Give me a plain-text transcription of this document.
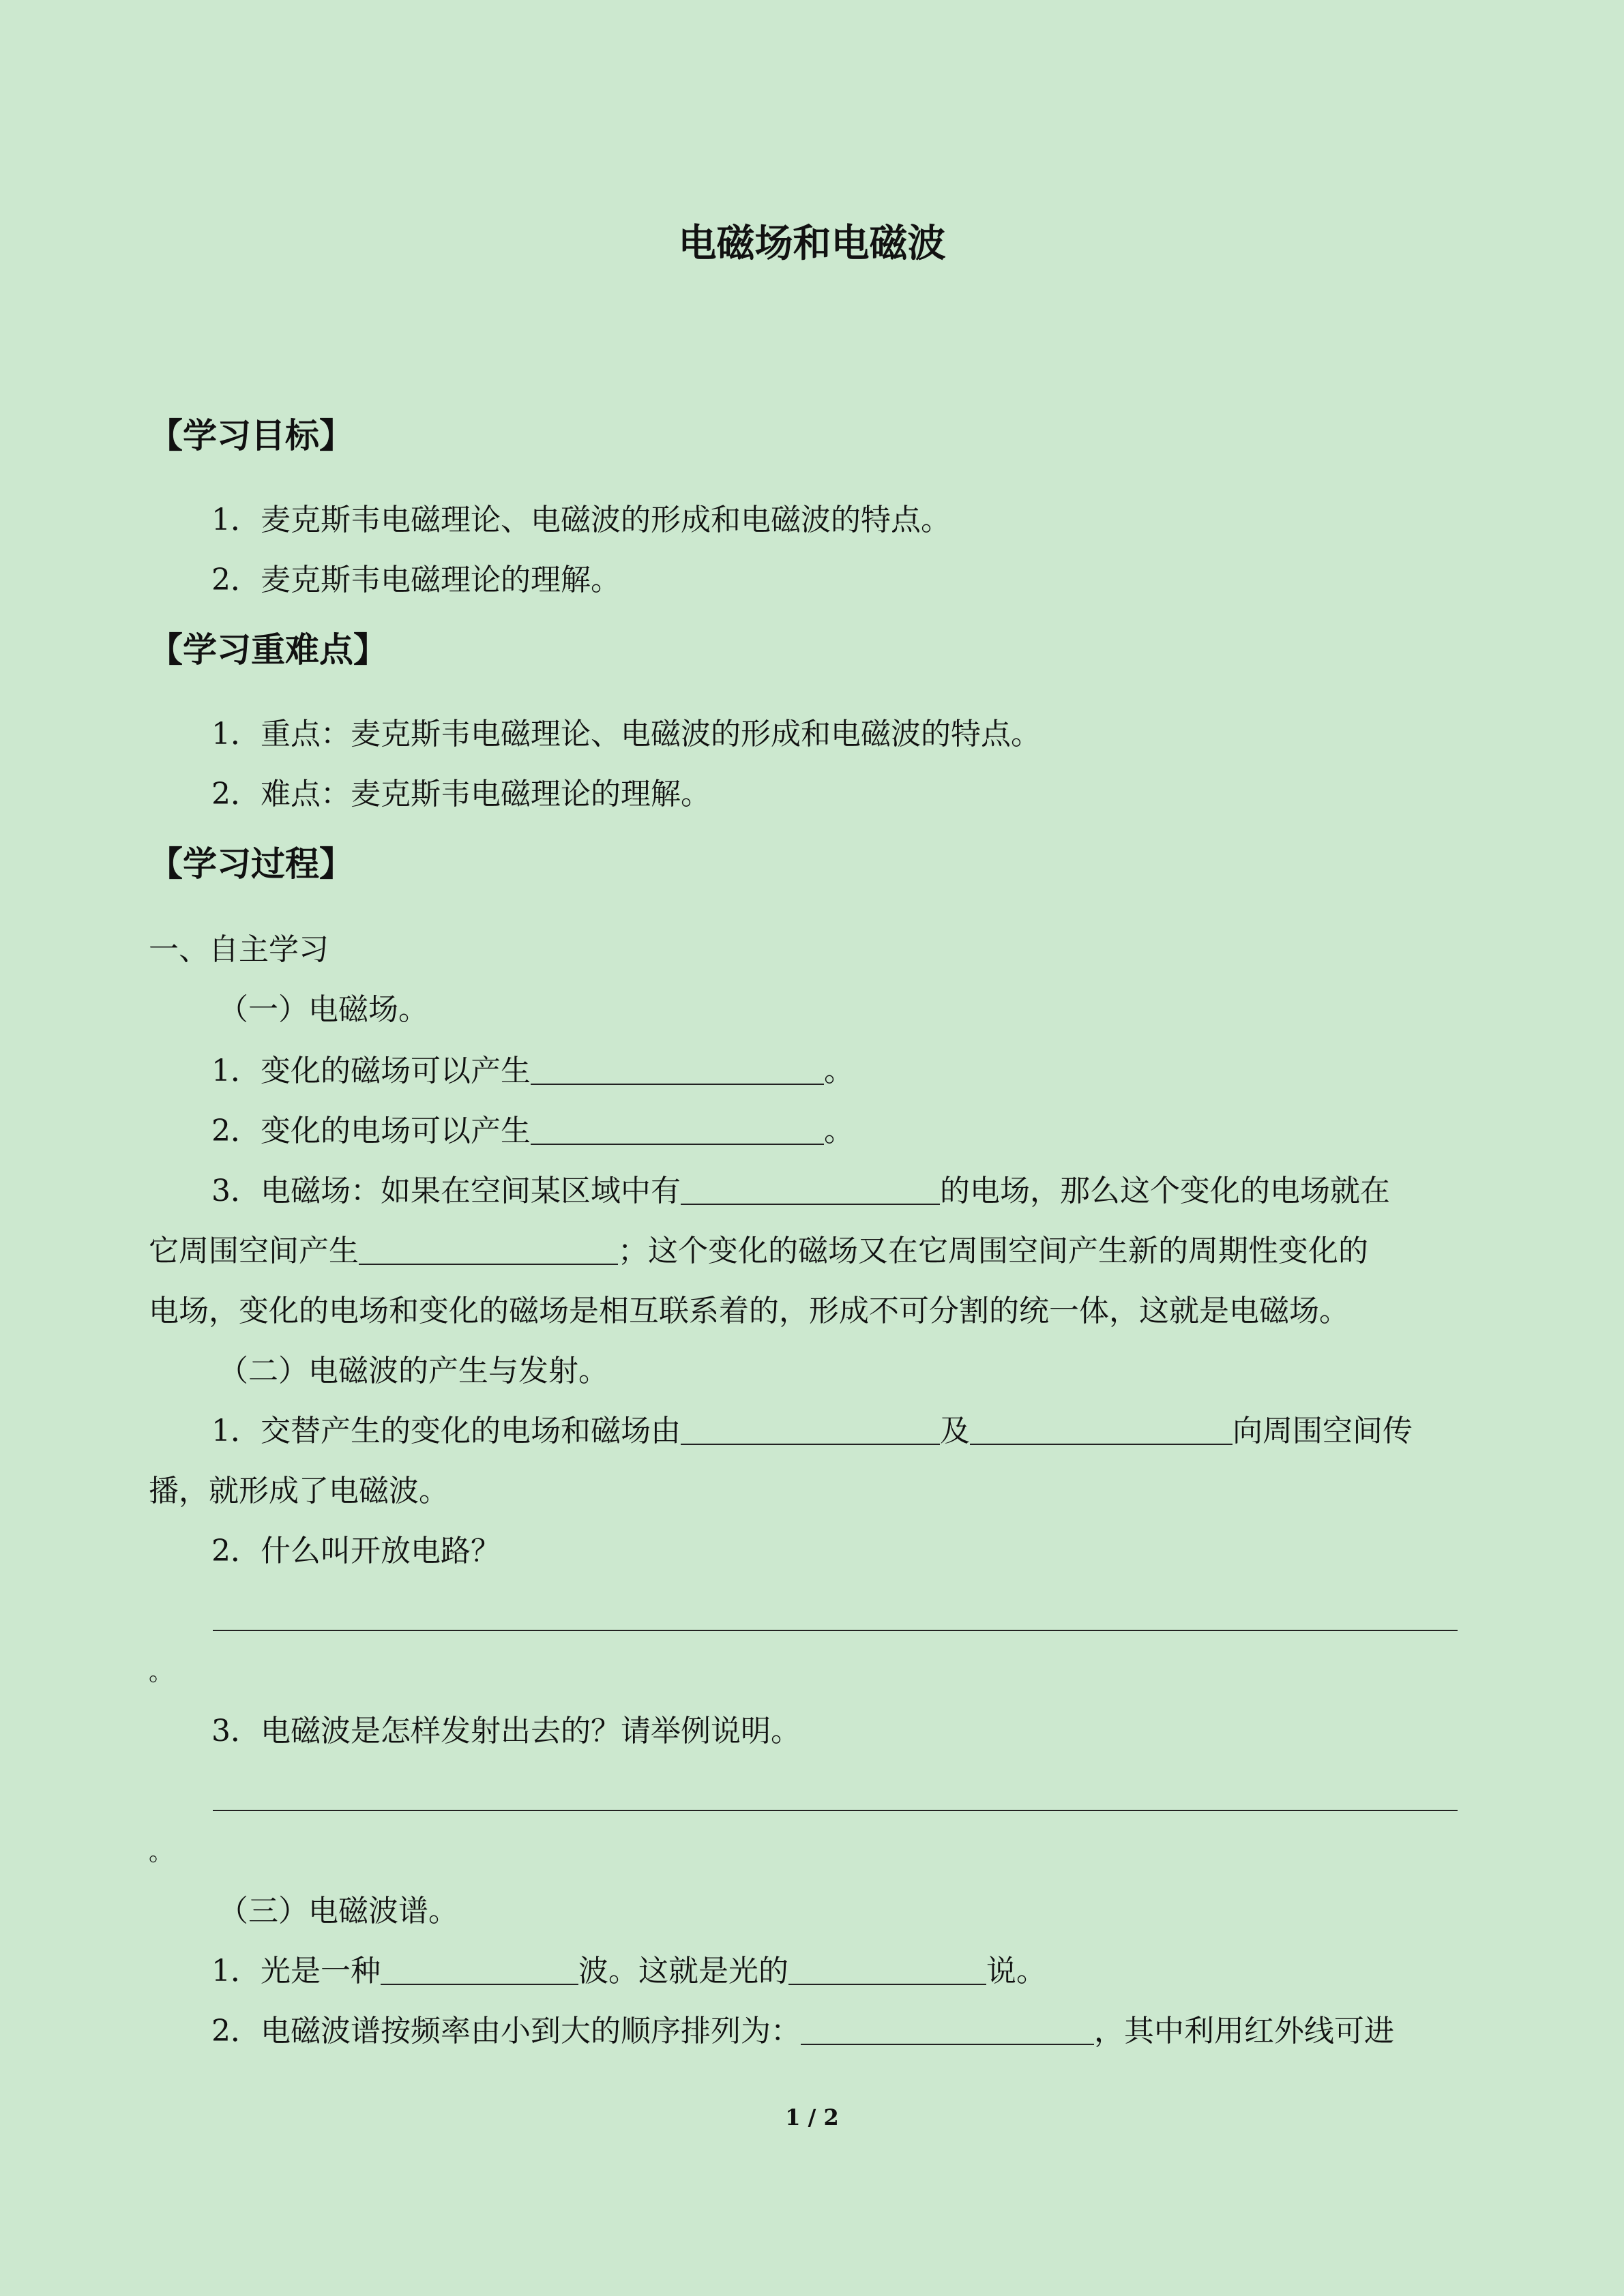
电磁场和电磁波
【学习目标】
1．麦克斯韦电磁理论、电磁波的形成和电磁波的特点。
2．麦克斯韦电磁理论的理解。
【学习重难点】
1．重点：麦克斯韦电磁理论、电磁波的形成和电磁波的特点。
2．难点：麦克斯韦电磁理论的理解。
【学习过程】
一、自主学习
（一）电磁场。
1．变化的磁场可以产生	。
2．变化的电场可以产生	。
3．电磁场：如果在空间某区域中有	的电场，那么这个变化的电场就在
它周围空间产生	；这个变化的磁场又在它周围空间产生新的周期性变化的
电场，变化的电场和变化的磁场是相互联系着的，形成不可分割的统一体，这就是电磁场。
（二）电磁波的产生与发射。
1．交替产生的变化的电场和磁场由	及	向周围空间传
播，就形成了电磁波。
2．什么叫开放电路？
。
3．电磁波是怎样发射出去的？请举例说明。
。
（三）电磁波谱。
1．光是一种	波。这就是光的	说。
2．电磁波谱按频率由小到大的顺序排列为：	，其中利用红外线可进
1 / 2
